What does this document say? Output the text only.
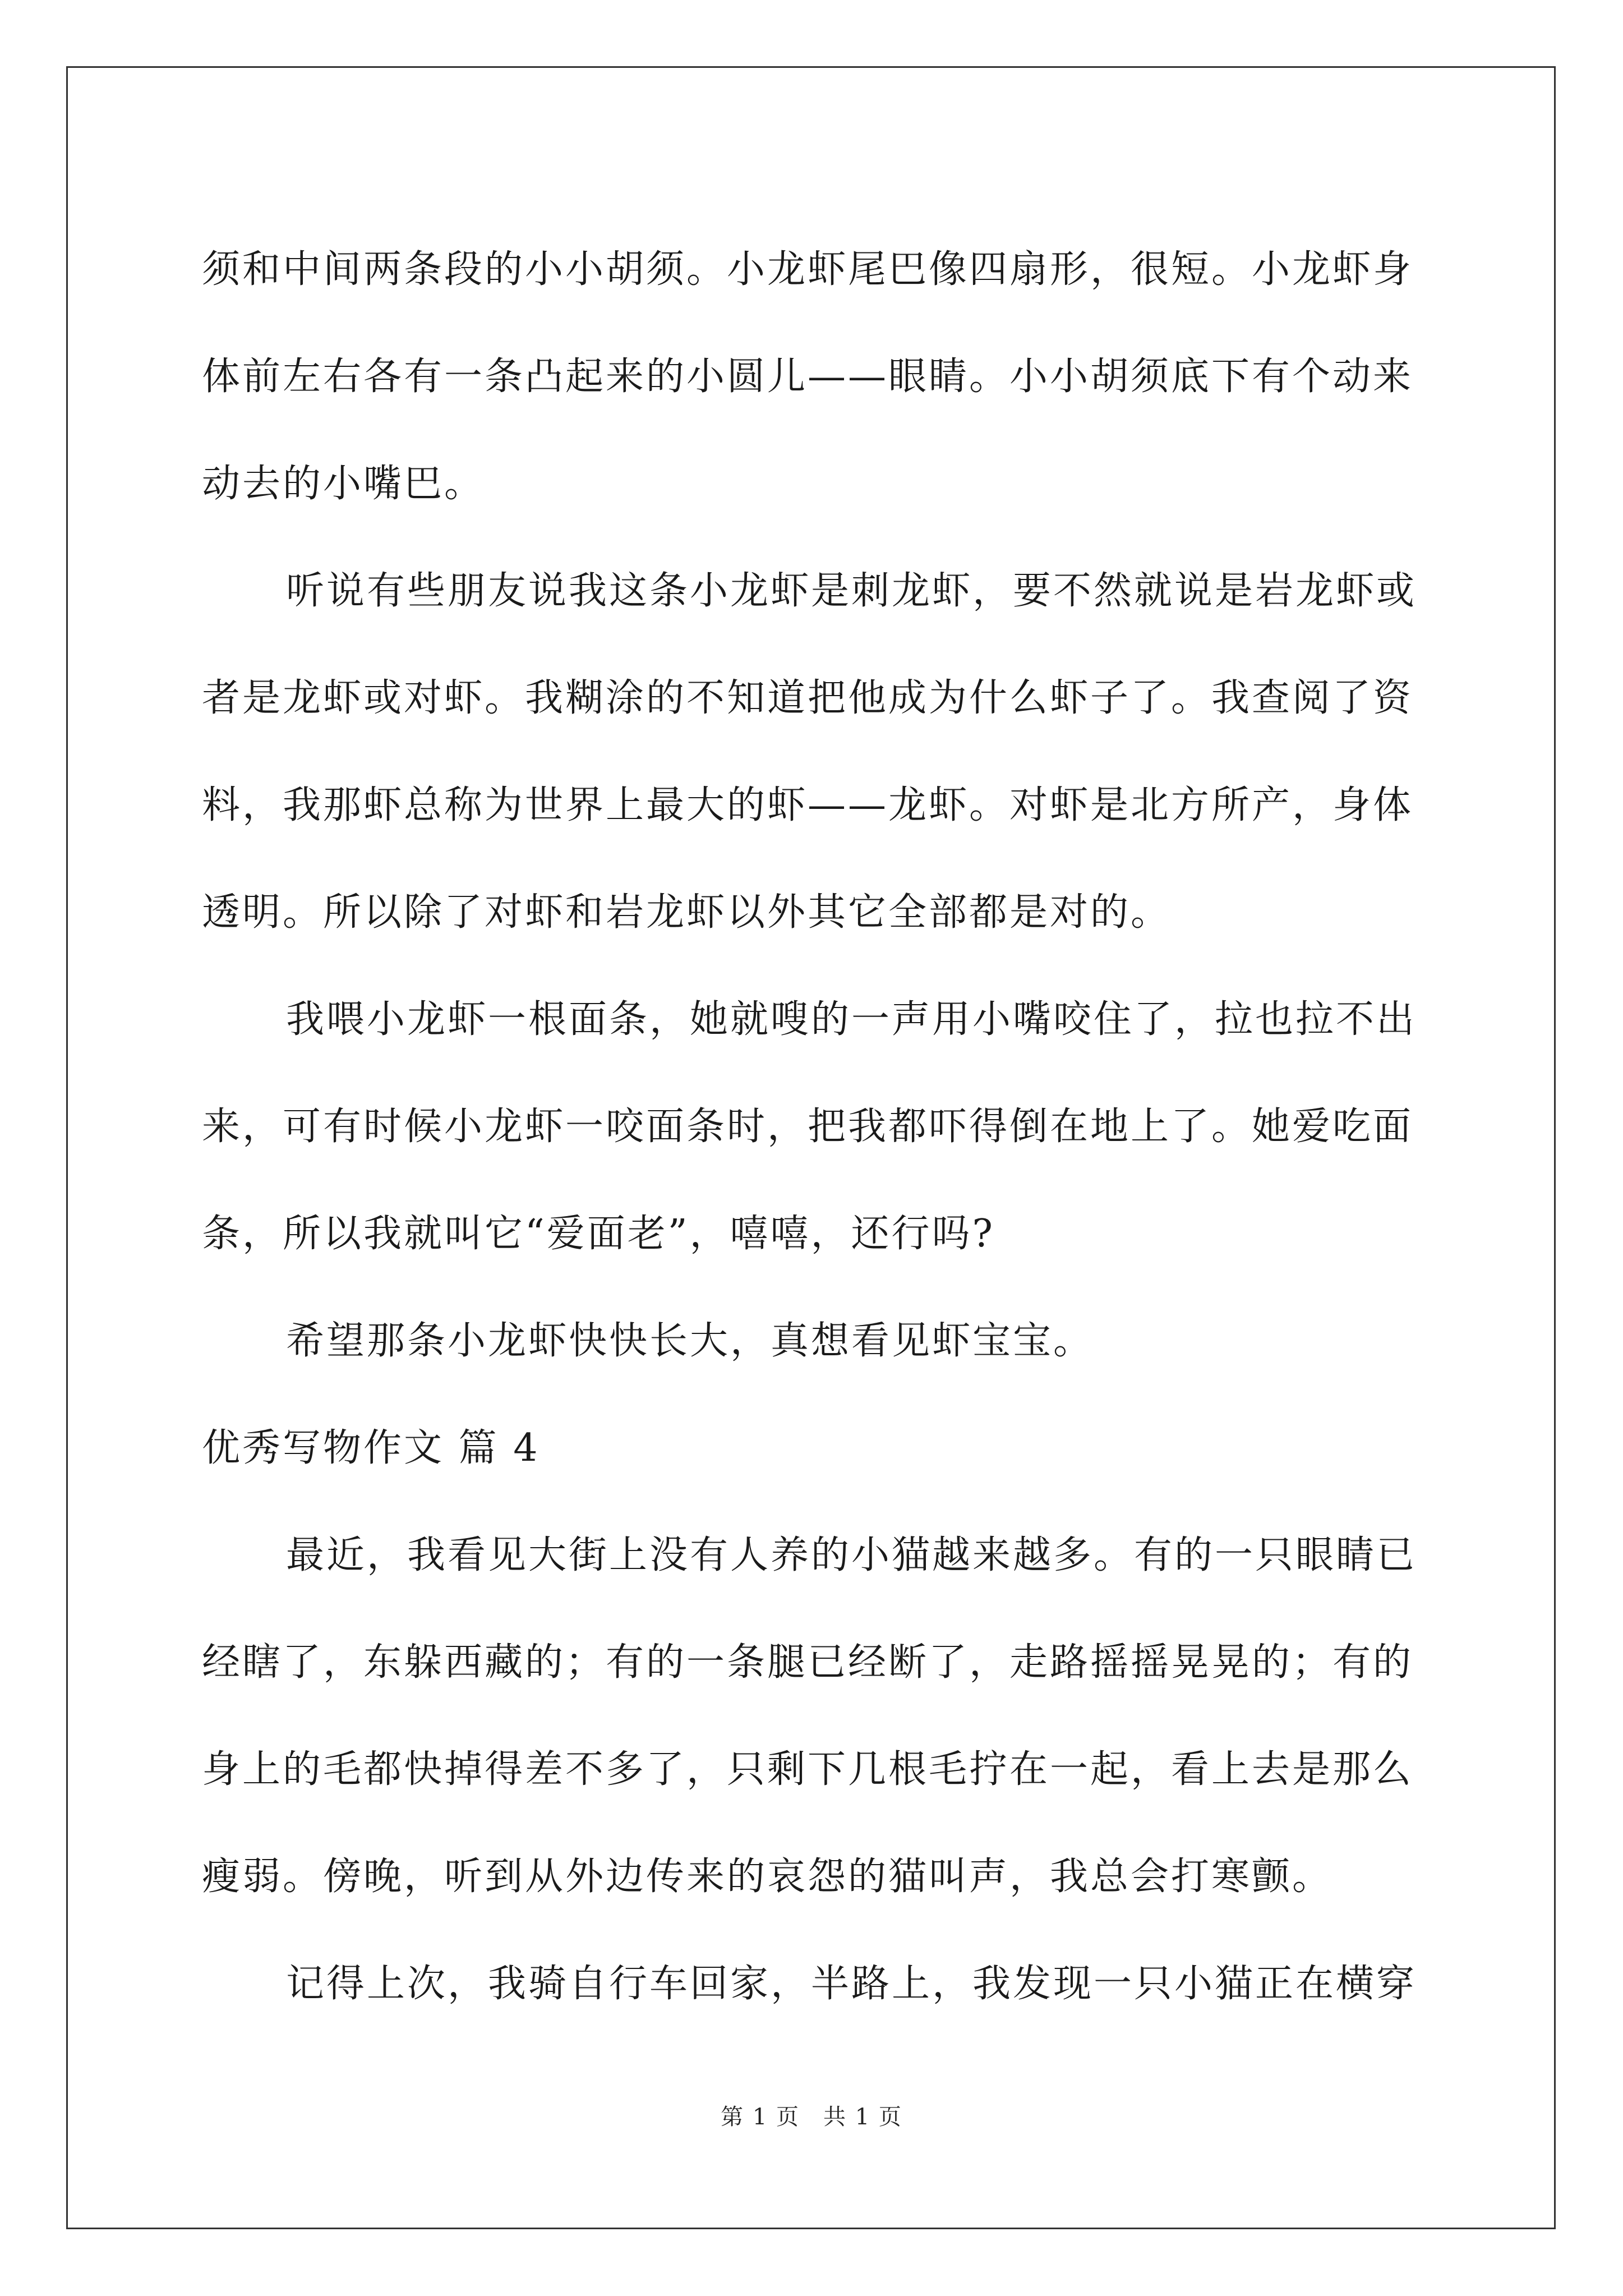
须和中间两条段的小小胡须。小龙虾尾巴像四扇形，很短。小龙虾身
体前左右各有一条凸起来的小圆儿——眼睛。小小胡须底下有个动来
动去的小嘴巴。
听说有些朋友说我这条小龙虾是刺龙虾，要不然就说是岩龙虾或
者是龙虾或对虾。我糊涂的不知道把他成为什么虾子了。我查阅了资
料，我那虾总称为世界上最大的虾——龙虾。对虾是北方所产，身体
透明。所以除了对虾和岩龙虾以外其它全部都是对的。
我喂小龙虾一根面条，她就嗖的一声用小嘴咬住了，拉也拉不出
来，可有时候小龙虾一咬面条时，把我都吓得倒在地上了。她爱吃面
条，所以我就叫它“爱面老”，嘻嘻，还行吗?
希望那条小龙虾快快长大，真想看见虾宝宝。
优秀写物作文 篇 4
最近，我看见大街上没有人养的小猫越来越多。有的一只眼睛已
经瞎了，东躲西藏的；有的一条腿已经断了，走路摇摇晃晃的；有的
身上的毛都快掉得差不多了，只剩下几根毛拧在一起，看上去是那么
瘦弱。傍晚，听到从外边传来的哀怨的猫叫声，我总会打寒颤。
记得上次，我骑自行车回家，半路上，我发现一只小猫正在横穿
第 1 页　共 1 页
